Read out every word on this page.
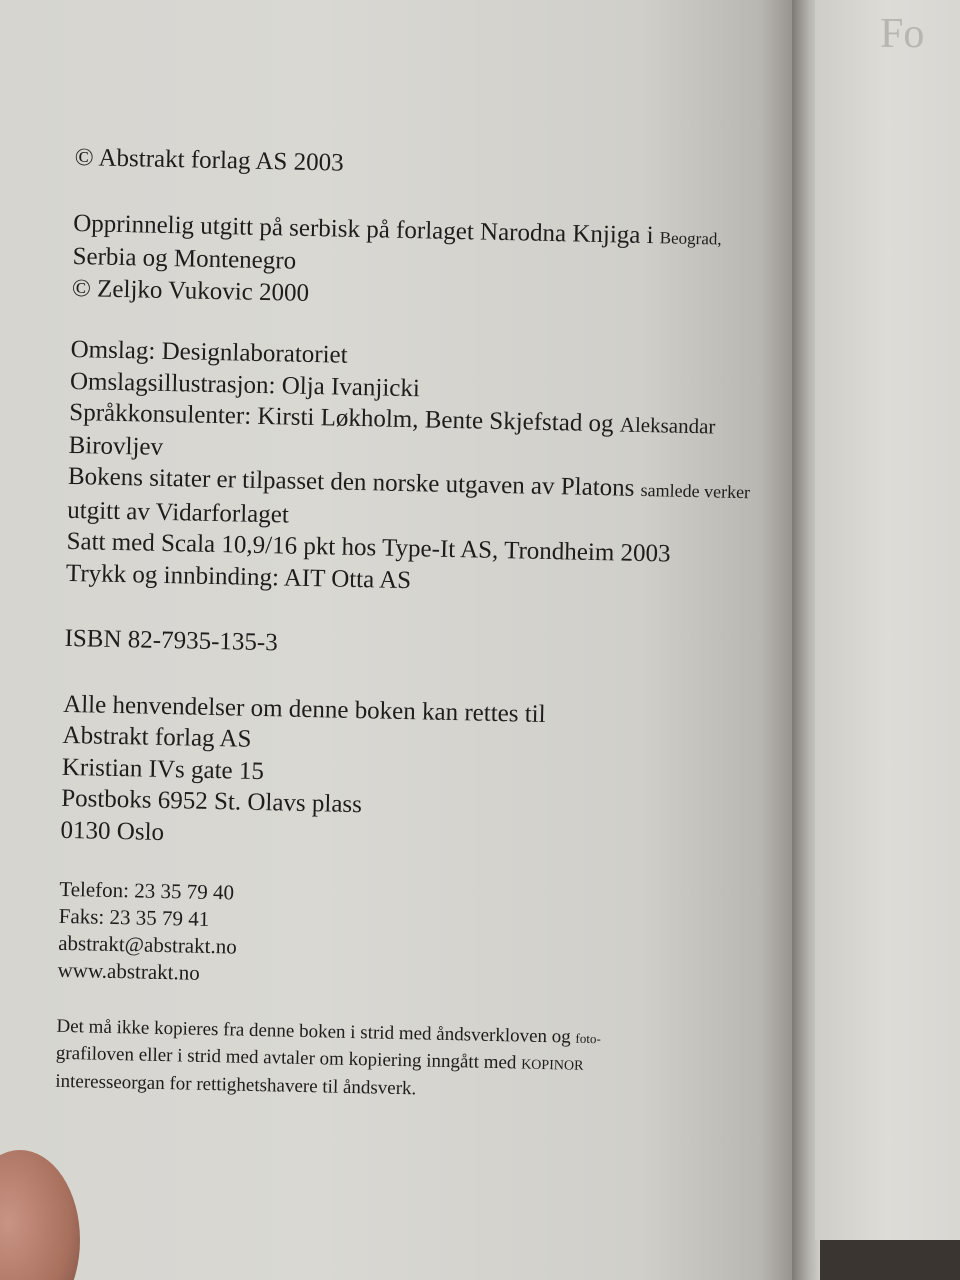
Fo
© Abstrakt forlag AS 2003
Opprinnelig utgitt på serbisk på forlaget Narodna Knjiga i Beograd,
Serbia og Montenegro
© Zeljko Vukovic 2000
Omslag: Designlaboratoriet
Omslagsillustrasjon: Olja Ivanjicki
Språkkonsulenter: Kirsti Løkholm, Bente Skjefstad og Aleksandar
Birovljev
Bokens sitater er tilpasset den norske utgaven av Platons samlede verker
utgitt av Vidarforlaget
Satt med Scala 10,9/16 pkt hos Type-It AS, Trondheim 2003
Trykk og innbinding: AIT Otta AS
ISBN 82-7935-135-3
Alle henvendelser om denne boken kan rettes til
Abstrakt forlag AS
Kristian IVs gate 15
Postboks 6952 St. Olavs plass
0130 Oslo
Telefon: 23 35 79 40
Faks: 23 35 79 41
abstrakt@abstrakt.no
www.abstrakt.no
Det må ikke kopieres fra denne boken i strid med åndsverkloven og foto-
grafiloven eller i strid med avtaler om kopiering inngått med KOPINOR
interesseorgan for rettighetshavere til åndsverk.
